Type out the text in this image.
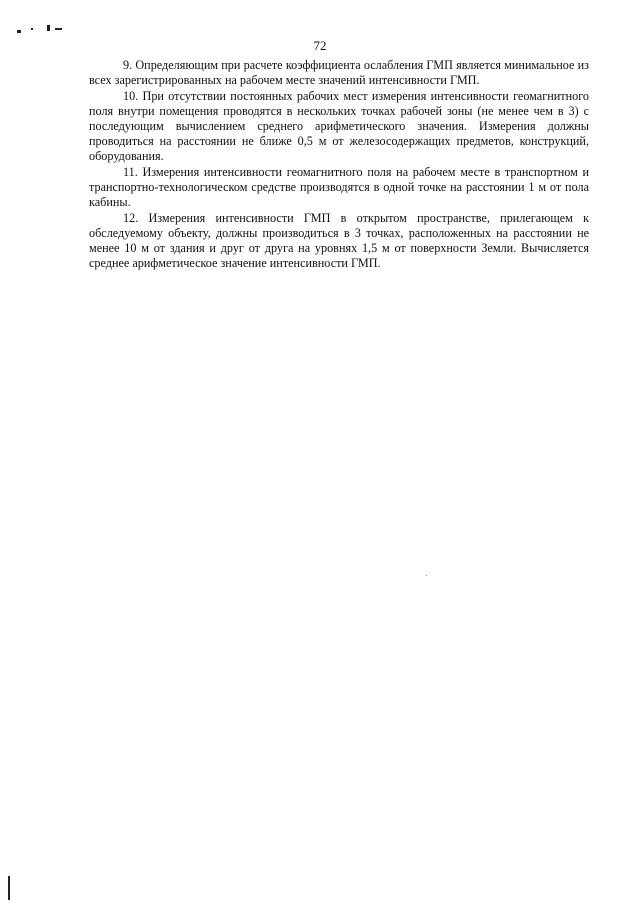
72

9. Определяющим при расчете коэффициента ослабления ГМП является минимальное из всех зарегистрированных на рабочем месте значений интенсивности ГМП.

10. При отсутствии постоянных рабочих мест измерения интенсивности геомагнитного поля внутри помещения проводятся в нескольких точках рабочей зоны (не менее чем в 3) с последующим вычислением среднего арифметического значения. Измерения должны проводиться на расстоянии не ближе 0,5 м от железосодержащих предметов, конструкций, оборудования.

11. Измерения интенсивности геомагнитного поля на рабочем месте в транспортном и транспортно-технологическом средстве производятся в одной точке на расстоянии 1 м от пола кабины.

12. Измерения интенсивности ГМП в открытом пространстве, прилегающем к обследуемому объекту, должны производиться в 3 точках, расположенных на расстоянии не менее 10 м от здания и друг от друга на уровнях 1,5 м от поверхности Земли. Вычисляется среднее арифметическое значение интенсивности ГМП.
